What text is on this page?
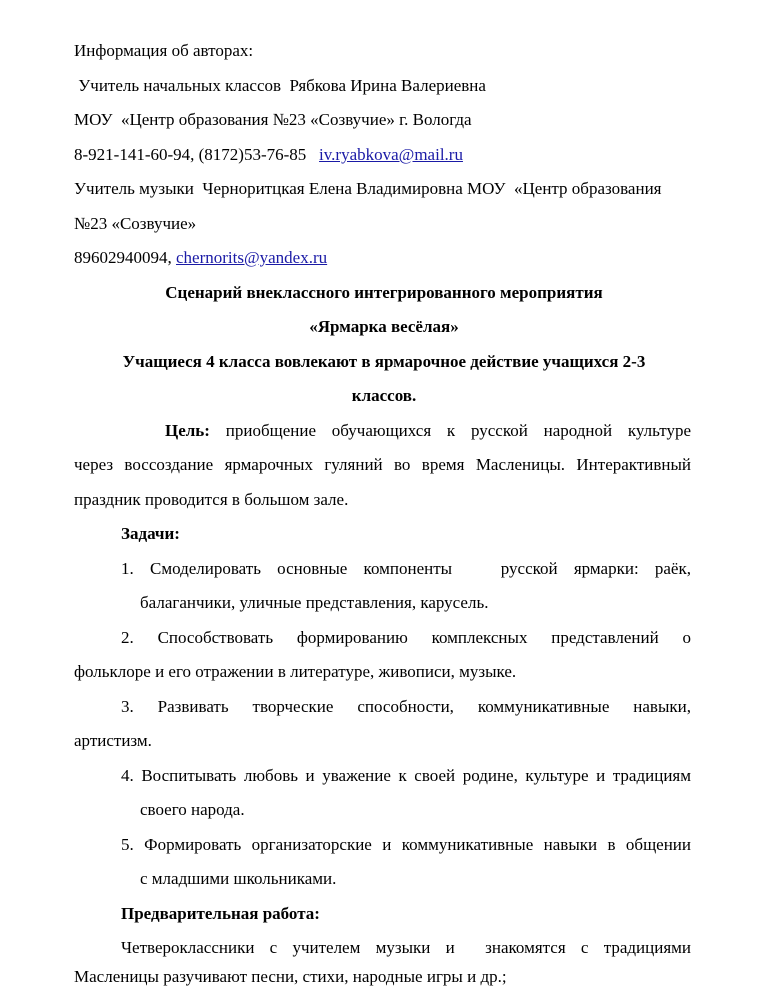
Информация об авторах:
Учитель начальных классов  Рябкова Ирина Валериевна
МОУ  «Центр образования №23 «Созвучие» г. Вологда
8-921-141-60-94, (8172)53-76-85 iv.ryabkova@mail.ru
Учитель музыки  Черноритцкая Елена Владимировна МОУ  «Центр образования
№23 «Созвучие»
89602940094, chernorits@yandex.ru
Сценарий внеклассного интегрированного мероприятия
«Ярмарка весёлая»
Учащиеся 4 класса вовлекают в ярмарочное действие учащихся 2-3
классов.
Цель: приобщение обучающихся к русской народной культуре
через воссоздание ярмарочных гуляний во время Масленицы. Интерактивный
праздник проводится в большом зале.
Задачи:
1. Смоделировать основные компоненты   русской ярмарки: раёк,
балаганчики, уличные представления, карусель.
2. Способствовать формированию комплексных представлений о
фольклоре и его отражении в литературе, живописи, музыке.
3. Развивать творческие способности, коммуникативные навыки,
артистизм.
4. Воспитывать любовь и уважение к своей родине, культуре и традициям
своего народа.
5. Формировать организаторские и коммуникативные навыки в общении
с младшими школьниками.
Предварительная работа:
Четвероклассники с учителем музыки и  знакомятся с традициями
Масленицы разучивают песни, стихи, народные игры и др.;
